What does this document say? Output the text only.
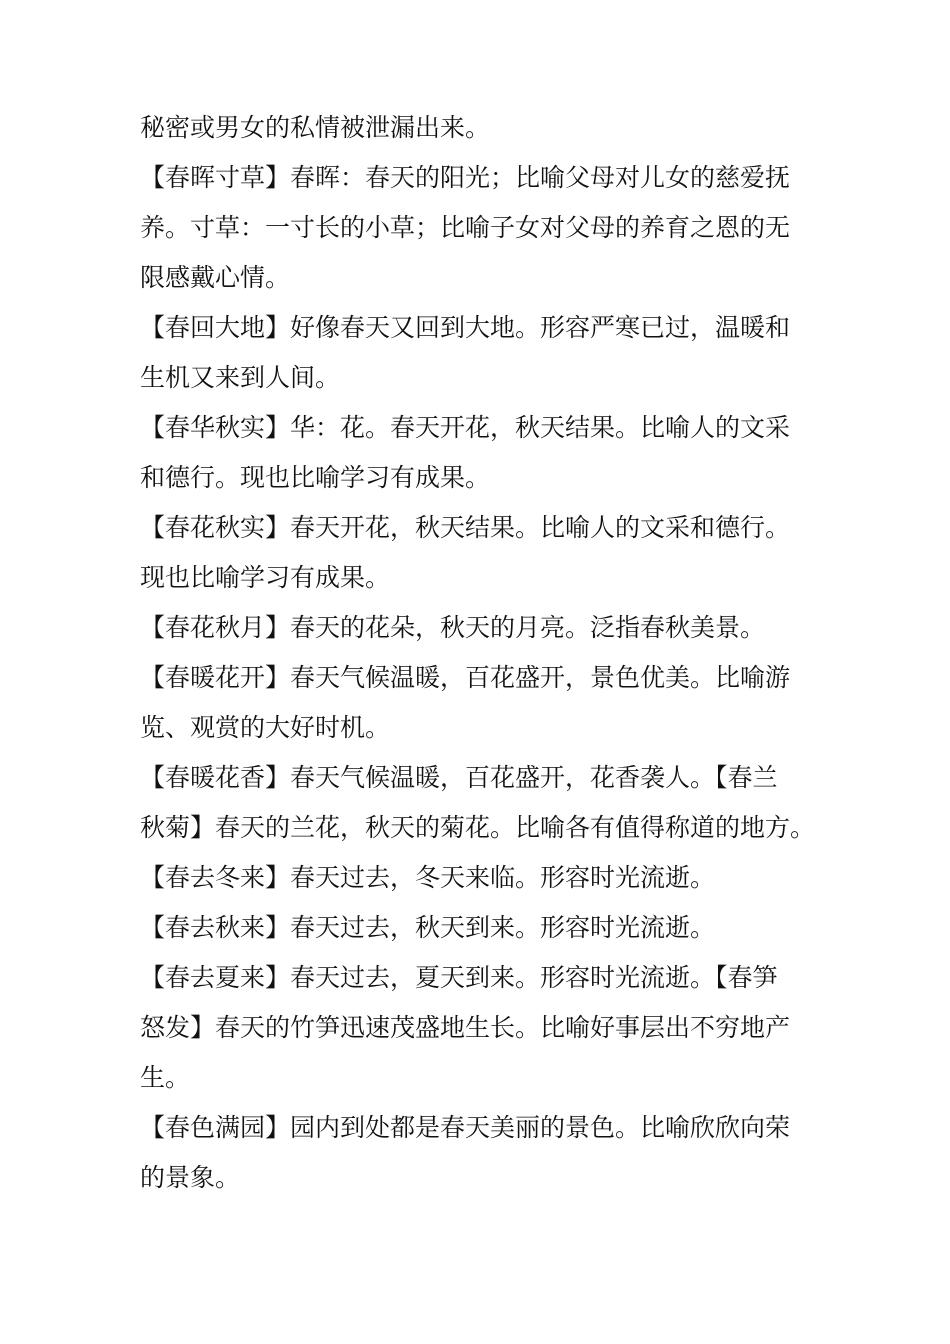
秘密或男女的私情被泄漏出来。
【春晖寸草】春晖：春天的阳光；比喻父母对儿女的慈爱抚
养。寸草：一寸长的小草；比喻子女对父母的养育之恩的无
限感戴心情。
【春回大地】好像春天又回到大地。形容严寒已过，温暖和
生机又来到人间。
【春华秋实】华：花。春天开花，秋天结果。比喻人的文采
和德行。现也比喻学习有成果。
【春花秋实】春天开花，秋天结果。比喻人的文采和德行。
现也比喻学习有成果。
【春花秋月】春天的花朵，秋天的月亮。泛指春秋美景。
【春暖花开】春天气候温暖，百花盛开，景色优美。比喻游
览、观赏的大好时机。
【春暖花香】春天气候温暖，百花盛开，花香袭人。【春兰
秋菊】春天的兰花，秋天的菊花。比喻各有值得称道的地方。
【春去冬来】春天过去，冬天来临。形容时光流逝。
【春去秋来】春天过去，秋天到来。形容时光流逝。
【春去夏来】春天过去，夏天到来。形容时光流逝。【春笋
怒发】春天的竹笋迅速茂盛地生长。比喻好事层出不穷地产
生。
【春色满园】园内到处都是春天美丽的景色。比喻欣欣向荣
的景象。
